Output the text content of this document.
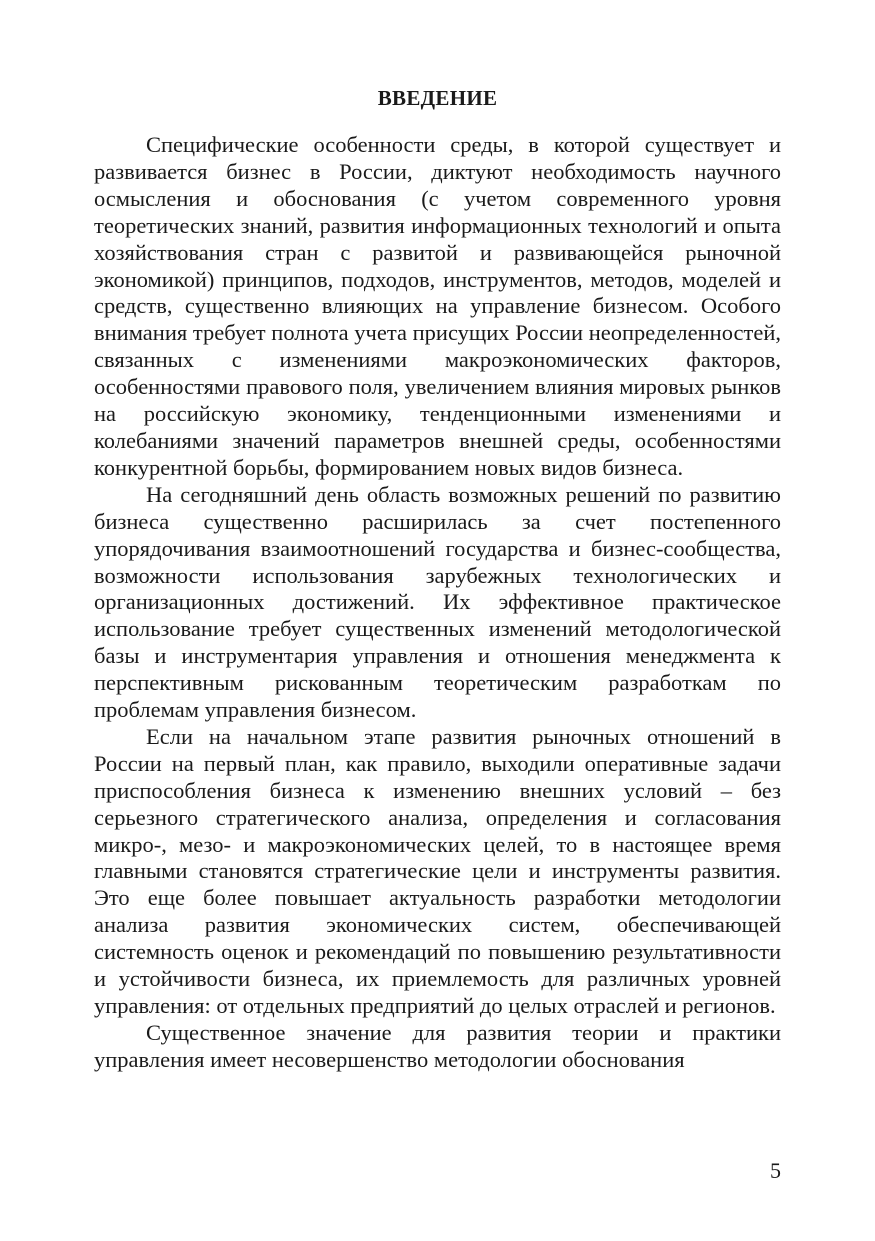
ВВЕДЕНИЕ

Специфические особенности среды, в которой существует и развивается бизнес в России, диктуют необходимость научного осмысления и обоснования (с учетом современного уровня теоретических знаний, развития информационных технологий и опыта хозяйствования стран с развитой и развивающейся рыночной экономикой) принципов, подходов, инструментов, методов, моделей и средств, существенно влияющих на управление бизнесом. Особого внимания требует полнота учета присущих России неопределенностей, связанных с изменениями макроэкономических факторов, особенностями правового поля, увеличением влияния мировых рынков на российскую экономику, тенденционными изменениями и колебаниями значений параметров внешней среды, особенностями конкурентной борьбы, формированием новых видов бизнеса.

На сегодняшний день область возможных решений по развитию бизнеса существенно расширилась за счет постепенного упорядочивания взаимоотношений государства и бизнес-сообщества, возможности использования зарубежных технологических и организационных достижений. Их эффективное практическое использование требует существенных изменений методологической базы и инструментария управления и отношения менеджмента к перспективным рискованным теоретическим разработкам по проблемам управления бизнесом.

Если на начальном этапе развития рыночных отношений в России на первый план, как правило, выходили оперативные задачи приспособления бизнеса к изменению внешних условий – без серьезного стратегического анализа, определения и согласования микро-, мезо- и макроэкономических целей, то в настоящее время главными становятся стратегические цели и инструменты развития. Это еще более повышает актуальность разработки методологии анализа развития экономических систем, обеспечивающей системность оценок и рекомендаций по повышению результативности и устойчивости бизнеса, их приемлемость для различных уровней управления: от отдельных предприятий до целых отраслей и регионов.

Существенное значение для развития теории и практики управления имеет несовершенство методологии обоснования

5
